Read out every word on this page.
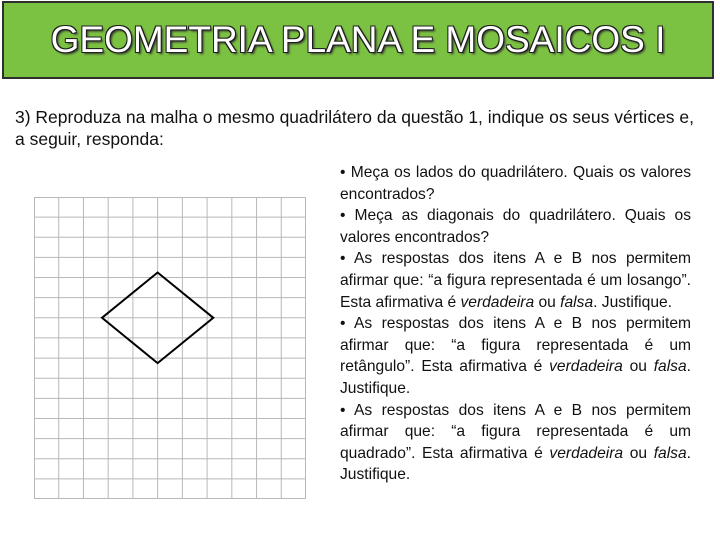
GEOMETRIA PLANA E MOSAICOS I

3) Reproduza na malha o mesmo quadrilátero da questão 1, indique os seus vértices e, a seguir, responda:

• Meça os lados do quadrilátero. Quais os valores encontrados?

• Meça as diagonais do quadrilátero. Quais os valores encontrados?

• As respostas dos itens A e B nos permitem afirmar que: “a figura representada é um losango”. Esta afirmativa é verdadeira ou falsa. Justifique.

• As respostas dos itens A e B nos permitem afirmar que: “a figura representada é um retângulo”. Esta afirmativa é verdadeira ou falsa. Justifique.

• As respostas dos itens A e B nos permitem afirmar que: “a figura representada é um quadrado”. Esta afirmativa é verdadeira ou falsa. Justifique.
